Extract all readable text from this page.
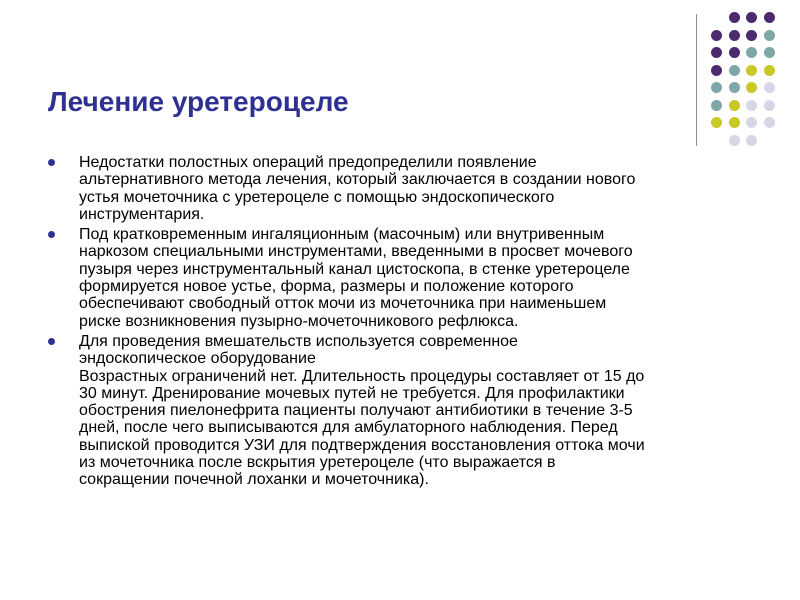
Лечение уретероцеле
Недостатки полостных операций предопределили появление
альтернативного метода лечения, который заключается в создании нового
устья мочеточника с уретероцеле с помощью эндоскопического
инструментария.
Под кратковременным ингаляционным (масочным) или внутривенным
наркозом специальными инструментами, введенными в просвет мочевого
пузыря через инструментальный канал цистоскопа, в стенке уретероцеле
формируется новое устье, форма, размеры и положение которого
обеспечивают свободный отток мочи из мочеточника при наименьшем
риске возникновения пузырно-мочеточникового рефлюкса.
Для проведения вмешательств используется современное
эндоскопическое оборудование
Возрастных ограничений нет. Длительность процедуры составляет от 15 до
30 минут. Дренирование мочевых путей не требуется. Для профилактики
обострения пиелонефрита пациенты получают антибиотики в течение 3-5
дней, после чего выписываются для амбулаторного наблюдения. Перед
выпиской проводится УЗИ для подтверждения восстановления оттока мочи
из мочеточника после вскрытия уретероцеле (что выражается в
сокращении почечной лоханки и мочеточника).
